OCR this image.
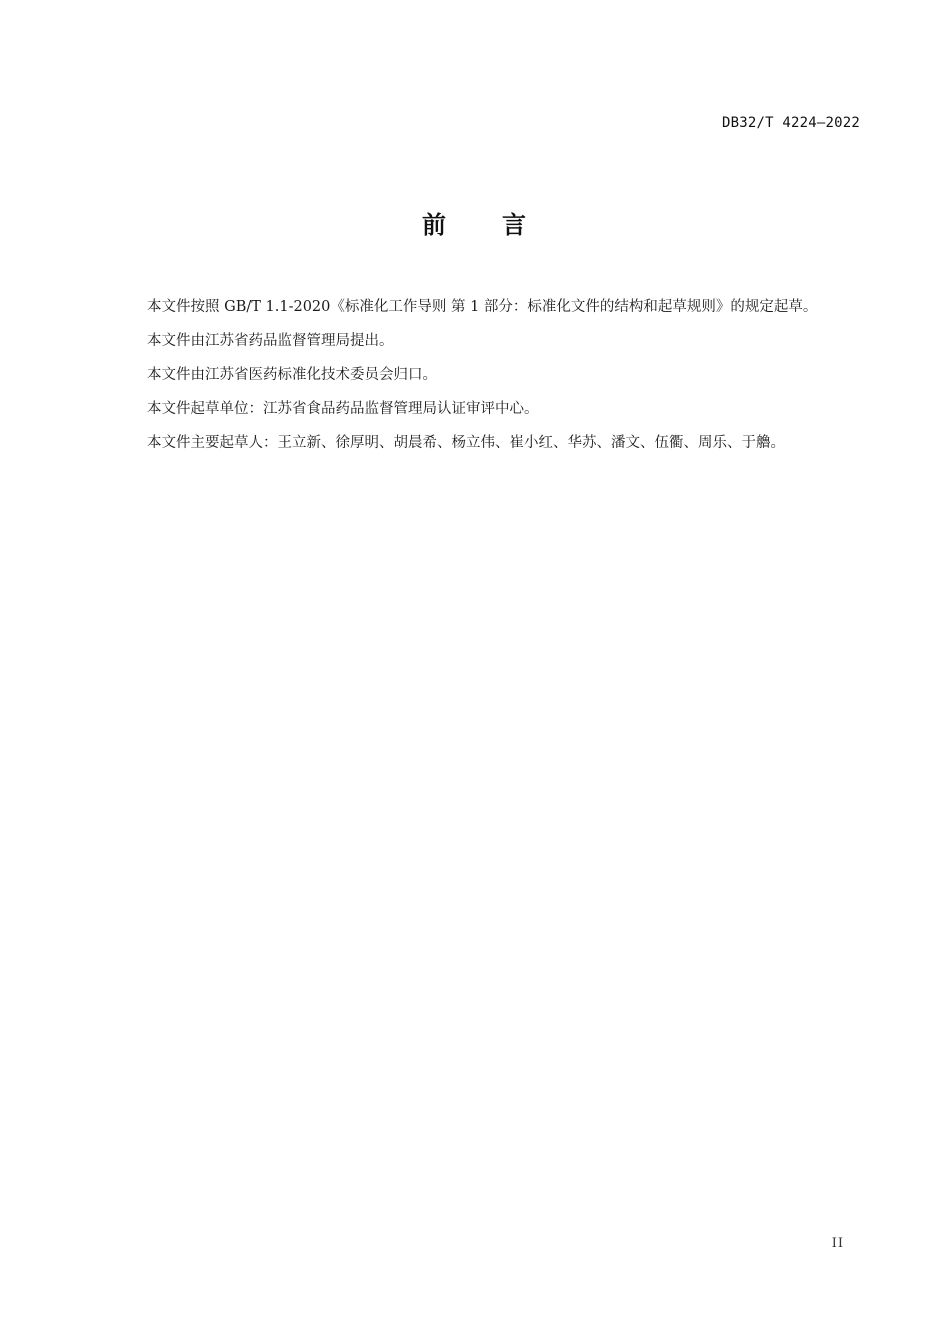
DB32/T 4224—2022
前 言

本文件按照 GB/T 1.1-2020《标准化工作导则 第 1 部分：标准化文件的结构和起草规则》的规定起草。

本文件由江苏省药品监督管理局提出。

本文件由江苏省医药标准化技术委员会归口。

本文件起草单位：江苏省食品药品监督管理局认证审评中心。

本文件主要起草人：王立新、徐厚明、胡晨希、杨立伟、崔小红、华苏、潘文、伍衢、周乐、于艪。

II
